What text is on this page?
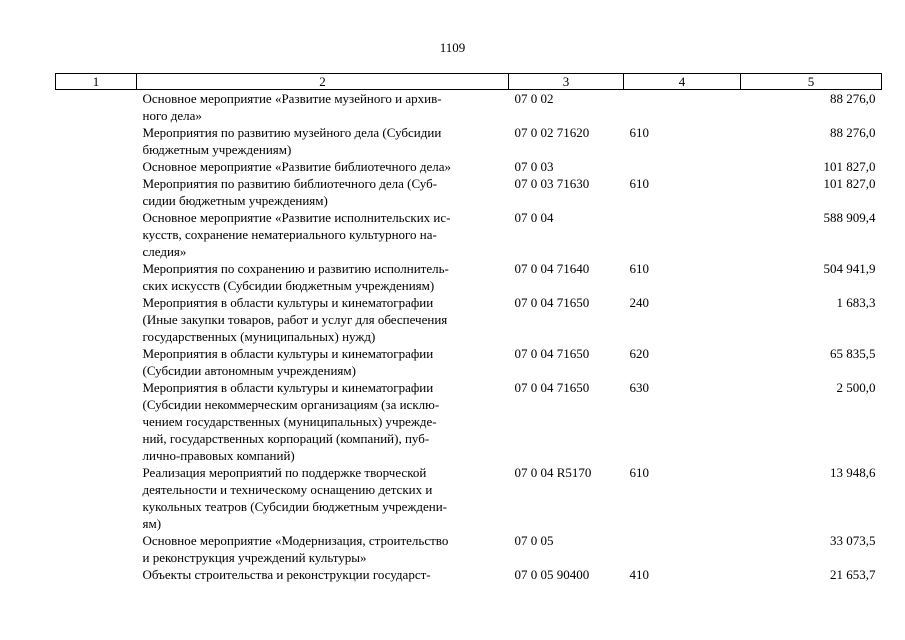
1109
1	2	3	4	5

	Основное мероприятие «Развитие музейного и архив-
ного дела»	07 0 02		88 276,0

	Мероприятия по развитию музейного дела (Субсидии
бюджетным учреждениям)	07 0 02 71620	610	88 276,0

	Основное мероприятие «Развитие библиотечного дела»	07 0 03		101 827,0

	Мероприятия по развитию библиотечного дела (Суб-
сидии бюджетным учреждениям)	07 0 03 71630	610	101 827,0

	Основное мероприятие «Развитие исполнительских ис-
кусств, сохранение нематериального культурного на-
следия»	07 0 04		588 909,4

	Мероприятия по сохранению и развитию исполнитель-
ских искусств (Субсидии бюджетным учреждениям)	07 0 04 71640	610	504 941,9

	Мероприятия в области культуры и кинематографии
(Иные закупки товаров, работ и услуг для обеспечения
государственных (муниципальных) нужд)	07 0 04 71650	240	1 683,3

	Мероприятия в области культуры и кинематографии
(Субсидии автономным учреждениям)	07 0 04 71650	620	65 835,5

	Мероприятия в области культуры и кинематографии
(Субсидии некоммерческим организациям (за исклю-
чением государственных (муниципальных) учрежде-
ний, государственных корпораций (компаний), пуб-
лично-правовых компаний)	07 0 04 71650	630	2 500,0

	Реализация мероприятий по поддержке творческой
деятельности и техническому оснащению детских и
кукольных театров (Субсидии бюджетным учреждени-
ям)	07 0 04 R5170	610	13 948,6

	Основное мероприятие «Модернизация, строительство
и реконструкция учреждений культуры»	07 0 05		33 073,5

	Объекты строительства и реконструкции государст-	07 0 05 90400	410	21 653,7
